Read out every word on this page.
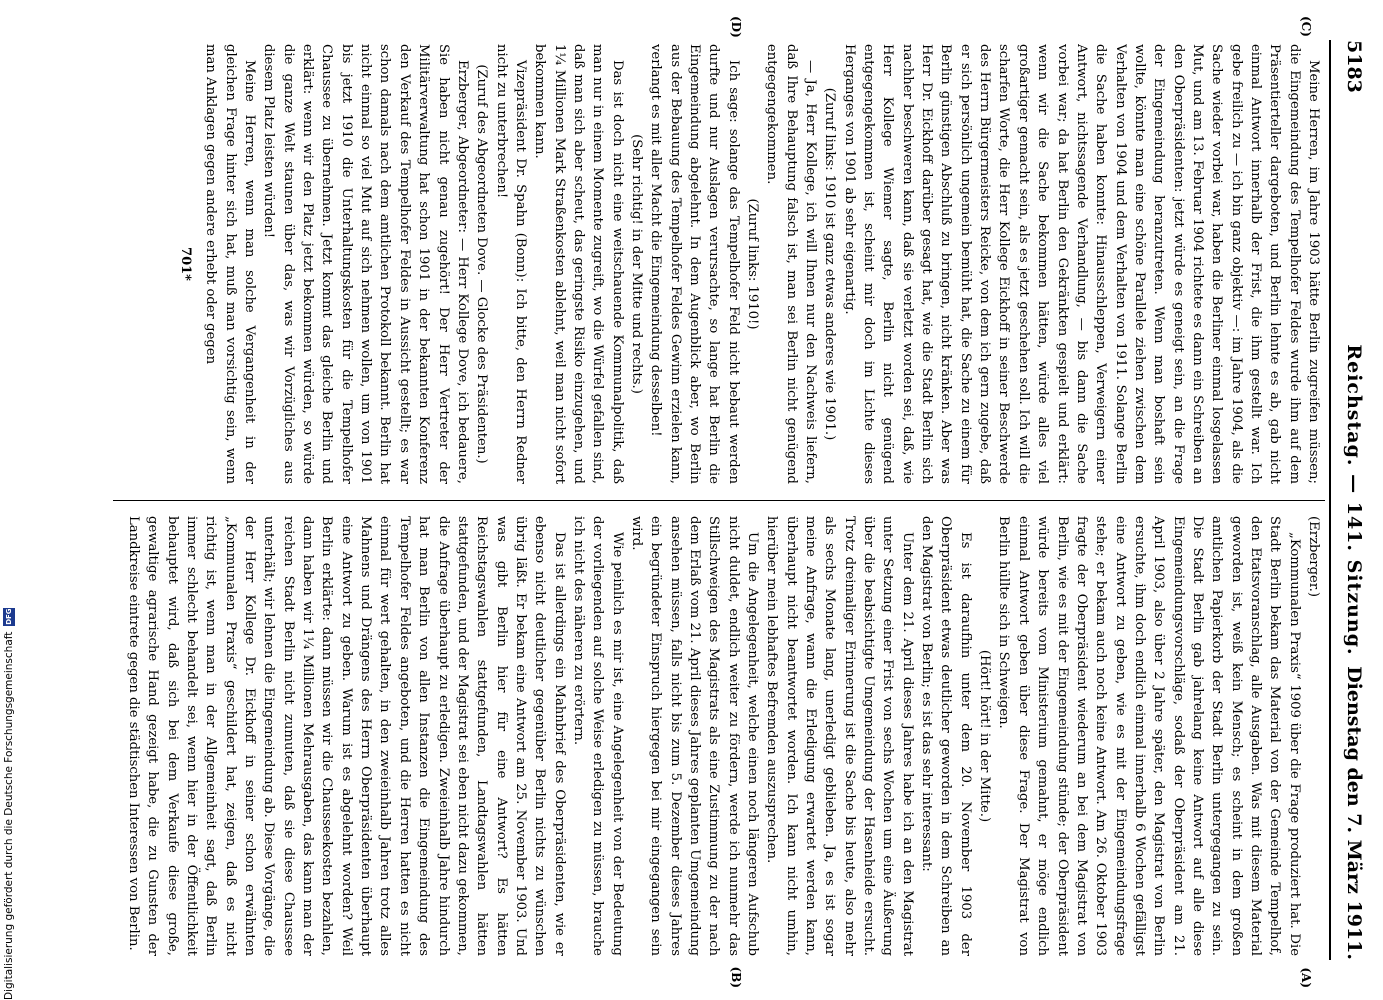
5183
Reichstag. — 141. Sitzung.
Dienstag den 7. März 1911.
(C)
(D)
(A)
(B)

Meine Herren, im Jahre 1903 hätte Berlin zugreifen müssen; die Eingemeindung des Tempelhofer Feldes wurde ihm auf dem Präsentierteller dargeboten, und Berlin lehnte es ab, gab nicht einmal Antwort innerhalb der Frist, die ihm gestellt war. Ich gebe freilich zu — ich bin ganz objektiv —: im Jahre 1904, als die Sache wieder vorbei war, haben die Berliner einmal losgelassen Mut, und am 13. Februar 1904 richtete es dann ein Schreiben an den Oberpräsidenten: jetzt würde es geneigt sein, an die Frage der Eingemeindung heranzutreten. Wenn man boshaft sein wollte, könnte man eine schöne Parallele ziehen zwischen dem Verhalten von 1904 und dem Verhalten von 1911. Solange Berlin die Sache haben konnte: Hinausschleppen, Verweigern einer Antwort, nichtssagende Verhandlung, — bis dann die Sache vorbei war; da hat Berlin den Gekränkten gespielt und erklärt: wenn wir die Sache bekommen hätten, würde alles viel großartiger gemacht sein, als es jetzt geschehen soll. Ich will die scharfen Worte, die Herr Kollege Eickhoff in seiner Beschwerde des Herrn Bürgermeisters Reicke, von dem ich gern zugebe, daß er sich persönlich ungemein bemüht hat, die Sache zu einem für Berlin günstigen Abschluß zu bringen, nicht kränken. Aber was Herr Dr. Eickhoff darüber gesagt hat, wie die Stadt Berlin sich nachher beschweren kann, daß sie verletzt worden sei, daß, wie Herr Kollege Wiemer sagte, Berlin nicht genügend entgegengekommen ist, scheint mir doch im Lichte dieses Herganges von 1901 ab sehr eigenartig.

(Zuruf links: 1910 ist ganz etwas anderes wie 1901.)

— Ja, Herr Kollege, ich will Ihnen nur den Nachweis liefern, daß Ihre Behauptung falsch ist, man sei Berlin nicht genügend entgegengekommen.

(Zuruf links: 1910!)

Ich sage: solange das Tempelhofer Feld nicht bebaut werden durfte und nur Auslagen verursachte, so lange hat Berlin die Eingemeindung abgelehnt. In dem Augenblick aber, wo Berlin aus der Bebauung des Tempelhofer Feldes Gewinn erzielen kann, verlangt es mit aller Macht die Eingemeindung desselben!

(Sehr richtig! in der Mitte und rechts.)

Das ist doch nicht eine weitschauende Kommunalpolitik, daß man nur in einem Momente zugreift, wo die Würfel gefallen sind, daß man sich aber scheut, das geringste Risiko einzugehen, und 1¼ Millionen Mark Straßenkosten ablehnt, weil man nicht sofort bekommen kann.

Vizepräsident Dr. Spahn (Bonn): Ich bitte, den Herrn Redner nicht zu unterbrechen!

(Zuruf des Abgeordneten Dove. — Glocke des Präsidenten.)

Erzberger, Abgeordneter: — Herr Kollege Dove, ich bedauere, Sie haben nicht genau zugehört! Der Herr Vertreter der Militärverwaltung hat schon 1901 in der bekannten Konferenz den Verkauf des Tempelhofer Feldes in Aussicht gestellt; es war schon damals nach dem amtlichen Protokoll bekannt. Berlin hat nicht einmal so viel Mut auf sich nehmen wollen, um von 1901 bis jetzt 1910 die Unterhaltungskosten für die Tempelhofer Chaussee zu übernehmen. Jetzt kommt das gleiche Berlin und erklärt: wenn wir den Platz jetzt bekommen würden, so würde die ganze Welt staunen über das, was wir Vorzügliches aus diesem Platz leisten würden!

Meine Herren, wenn man solche Vergangenheit in der gleichen Frage hinter sich hat, muß man vorsichtig sein, wenn man Anklagen gegen andere erhebt oder gegen

701*

(Erzberger.)

„Kommunalen Praxis“ 1909 über die Frage produziert hat. Die Stadt Berlin bekam das Material von der Gemeinde Tempelhof, den Etatsvoranschlag, alle Ausgaben. Was mit diesem Material geworden ist, weiß kein Mensch; es scheint in dem großen amtlichen Papierkorb der Stadt Berlin untergegangen zu sein. Die Stadt Berlin gab jahrelang keine Antwort auf alle diese Eingemeindungsvorschläge, sodaß der Oberpräsident am 21. April 1903, also über 2 Jahre später, den Magistrat von Berlin ersuchte, ihm doch endlich einmal innerhalb 6 Wochen gefälligst eine Antwort zu geben, wie es mit der Eingemeindungsfrage stehe; er bekam auch noch keine Antwort. Am 26. Oktober 1903 fragte der Oberpräsident wiederum an bei dem Magistrat von Berlin, wie es mit der Eingemeindung stünde; der Oberpräsident würde bereits vom Ministerium gemahnt, er möge endlich einmal Antwort geben über diese Frage. Der Magistrat von Berlin hüllte sich in Schweigen.

(Hört! hört! in der Mitte.)

Es ist daraufhin unter dem 20. November 1903 der Oberpräsident etwas deutlicher geworden in dem Schreiben an den Magistrat von Berlin; es ist das sehr interessant:

Unter dem 21. April dieses Jahres habe ich an den Magistrat unter Setzung einer Frist von sechs Wochen um eine Äußerung über die beabsichtigte Umgemeindung der Hasenheide ersucht. Trotz dreimaliger Erinnerung ist die Sache bis heute, also mehr als sechs Monate lang, unerledigt geblieben. Ja, es ist sogar meine Anfrage, wann die Erledigung erwartet werden kann, überhaupt nicht beantwortet worden. Ich kann nicht umhin, hierüber mein lebhaftes Befremden auszusprechen.

Um die Angelegenheit, welche einen noch längeren Aufschub nicht duldet, endlich weiter zu fördern, werde ich nunmehr das Stillschweigen des Magistrats als eine Zustimmung zu der nach dem Erlaß vom 21. April dieses Jahres geplanten Umgemeindung ansehen müssen, falls nicht bis zum 5. Dezember dieses Jahres ein begründeter Einspruch hiergegen bei mir eingegangen sein wird.

Wie peinlich es mir ist, eine Angelegenheit von der Bedeutung der vorliegenden auf solche Weise erledigen zu müssen, brauche ich nicht des näheren zu erörtern.

Das ist allerdings ein Mahnbrief des Oberpräsidenten, wie er ebenso nicht deutlicher gegenüber Berlin nichts zu wünschen übrig läßt. Er bekam eine Antwort am 25. November 1903. Und was gibt Berlin hier für eine Antwort? Es hätten Reichstagswahlen stattgefunden, Landtagswahlen hätten stattgefunden, und der Magistrat sei eben nicht dazu gekommen, die Anfrage überhaupt zu erledigen. Zweieinhalb Jahre hindurch hat man Berlin von allen Instanzen die Eingemeindung des Tempelhofer Feldes angeboten, und die Herren hatten es nicht einmal für wert gehalten, in den zweieinhalb Jahren trotz alles Mahnens und Drängens des Herrn Oberpräsidenten überhaupt eine Antwort zu geben. Warum ist es abgelehnt worden? Weil Berlin erklärte: dann müssen wir die Chausseekosten bezahlen, dann haben wir 1¼ Millionen Mehrausgaben, das kann man der reichen Stadt Berlin nicht zumuten, daß sie diese Chaussee unterhält; wir lehnen die Eingemeindung ab. Diese Vorgänge, die der Herr Kollege Dr. Eickhoff in seiner schon erwähnten „Kommunalen Praxis“ geschildert hat, zeigen, daß es nicht richtig ist, wenn man in der Allgemeinheit sagt, daß Berlin immer schlecht behandelt sei, wenn hier in der Öffentlichkeit behauptet wird, daß sich bei dem Verkaufe diese große, gewaltige agrarische Hand gezeigt habe, die zu Gunsten der Landkreise eintrete gegen die städtischen Interessen von Berlin.

Digitalisierung gefördert durch die Deutsche Forschungsgemeinschaft
DFG
